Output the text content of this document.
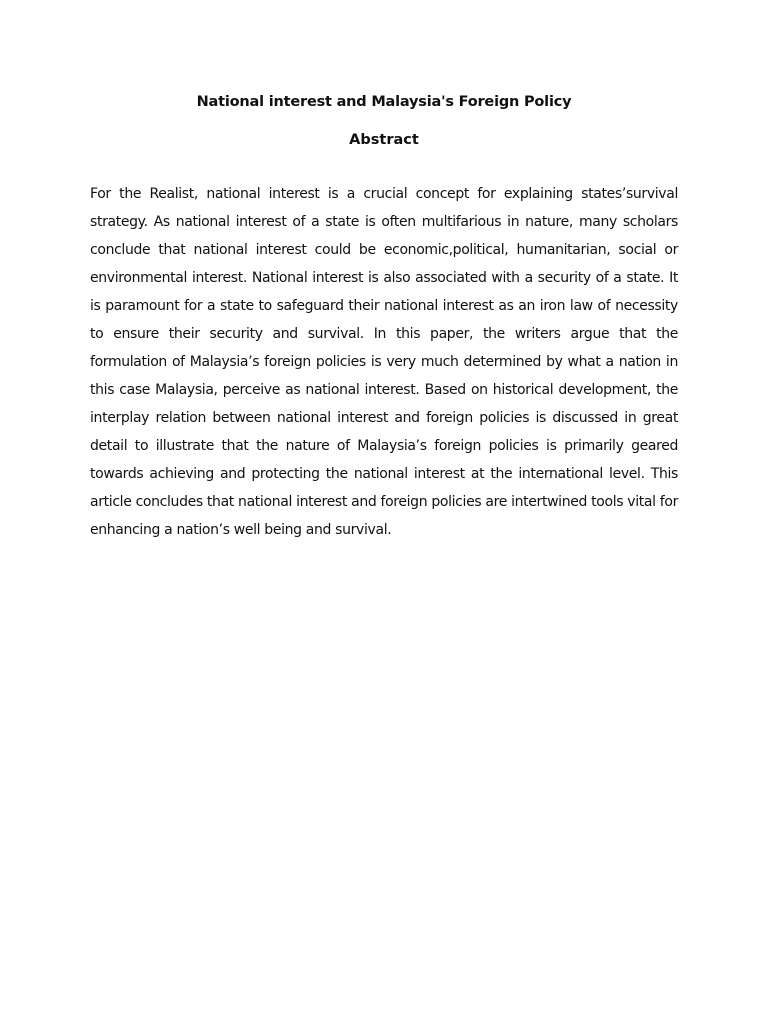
National interest and Malaysia's Foreign Policy
Abstract

For the Realist, national interest is a crucial concept for explaining states’survival strategy. As national interest of a state is often multifarious in nature, many scholars conclude that national interest could be economic,political, humanitarian, social or environmental interest. National interest is also associated with a security of a state. It is paramount for a state to safeguard their national interest as an iron law of necessity to ensure their security and survival. In this paper, the writers argue that the formulation of Malaysia’s foreign policies is very much determined by what a nation in this case Malaysia, perceive as national interest. Based on historical development, the interplay relation between national interest and foreign policies is discussed in great detail to illustrate that the nature of Malaysia’s foreign policies is primarily geared towards achieving and protecting the national interest at the international level. This article concludes that national interest and foreign policies are intertwined tools vital for enhancing a nation’s well being and survival.
